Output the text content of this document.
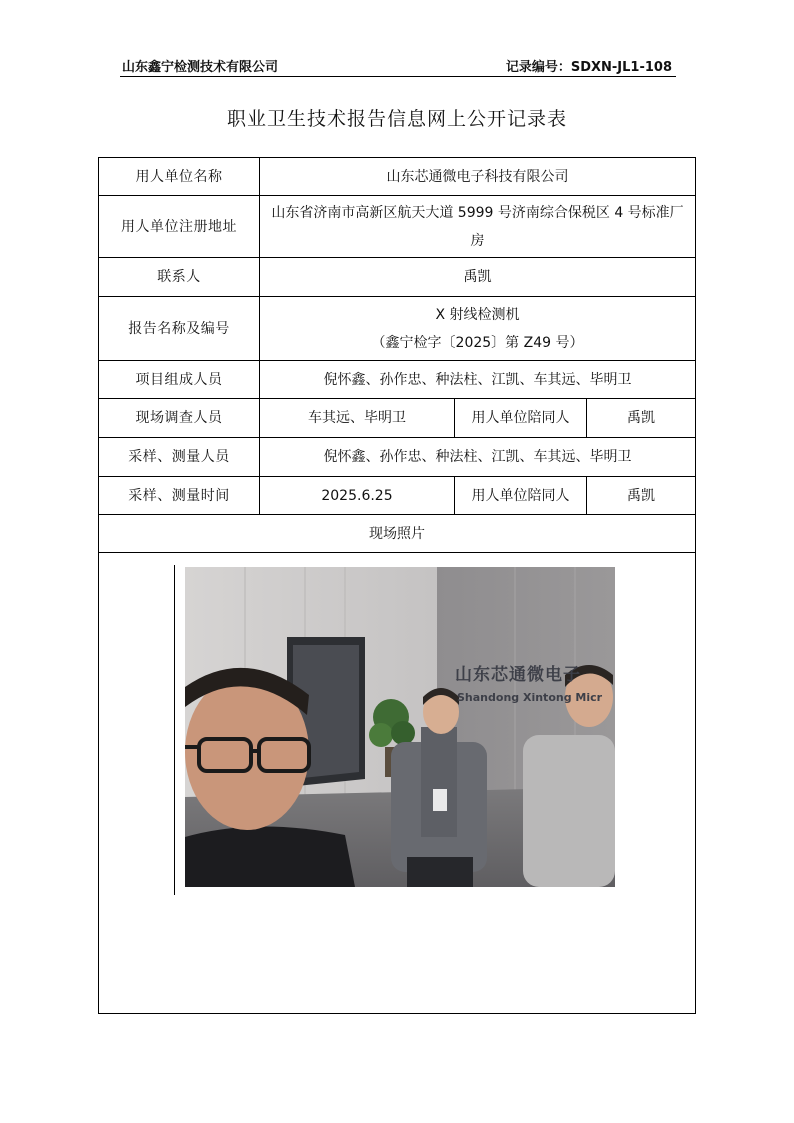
山东鑫宁检测技术有限公司	记录编号：SDXN-JL1-108
职业卫生技术报告信息网上公开记录表
用人单位名称	山东芯通微电子科技有限公司		
用人单位注册地址	山东省济南市高新区航天大道 5999 号济南综合保税区 4 号标准厂房		
联系人	禹凯		
报告名称及编号	X 射线检测机
（鑫宁检字〔2025〕第 Z49 号）		

项目组成人员	倪怀鑫、孙作忠、种法柱、江凯、车其远、毕明卫		
现场调查人员	车其远、毕明卫	用人单位陪同人	禹凯
采样、测量人员	倪怀鑫、孙作忠、种法柱、江凯、车其远、毕明卫		
采样、测量时间	2025.6.25	用人单位陪同人	禹凯
现场照片			

山东芯通微电子
Shandong Xintong Micr			
